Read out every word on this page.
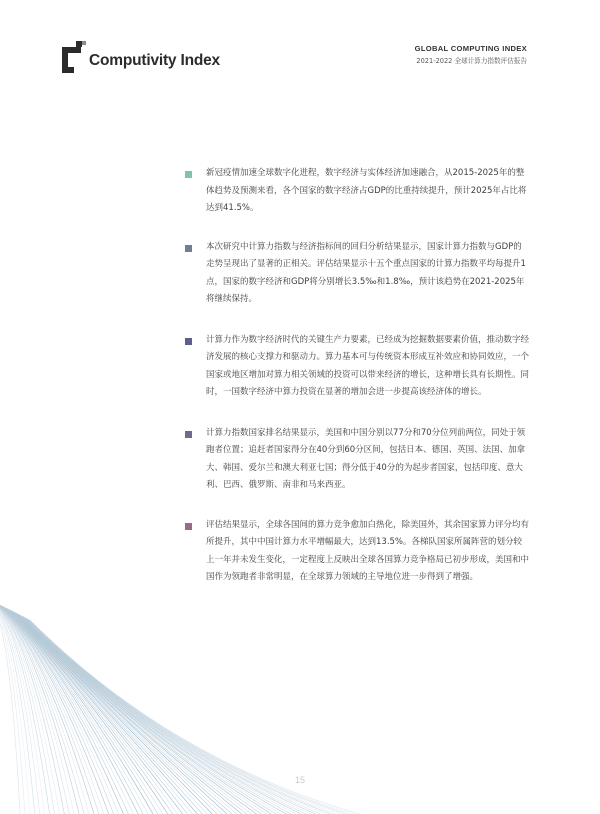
Computivity Index
GLOBAL COMPUTING INDEX
2021-2022 全球计算力指数评估报告
新冠疫情加速全球数字化进程，数字经济与实体经济加速融合，从2015-2025年的整体趋势及预测来看，各个国家的数字经济占GDP的比重持续提升，预计2025年占比将达到41.5%。
本次研究中计算力指数与经济指标间的回归分析结果显示，国家计算力指数与GDP的走势呈现出了显著的正相关。评估结果显示十五个重点国家的计算力指数平均每提升1点，国家的数字经济和GDP将分别增长3.5‰和1.8‰，预计该趋势在2021-2025年将继续保持。
计算力作为数字经济时代的关键生产力要素，已经成为挖掘数据要素价值，推动数字经济发展的核心支撑力和驱动力。算力基本可与传统资本形成互补效应和协同效应，一个国家或地区增加对算力相关领域的投资可以带来经济的增长，这种增长具有长期性。同时，一国数字经济中算力投资在显著的增加会进一步提高该经济体的增长。
计算力指数国家排名结果显示，美国和中国分别以77分和70分位列前两位，同处于领跑者位置；追赶者国家得分在40分到60分区间，包括日本、德国、英国、法国、加拿大、韩国、爱尔兰和澳大利亚七国；得分低于40分的为起步者国家，包括印度、意大利、巴西、俄罗斯、南非和马来西亚。
评估结果显示，全球各国间的算力竞争愈加白热化，除美国外，其余国家算力评分均有所提升，其中中国计算力水平增幅最大，达到13.5%。各梯队国家所属阵营的划分较上一年并未发生变化，一定程度上反映出全球各国算力竞争格局已初步形成，美国和中国作为领跑者非常明显，在全球算力领域的主导地位进一步得到了增强。
15
